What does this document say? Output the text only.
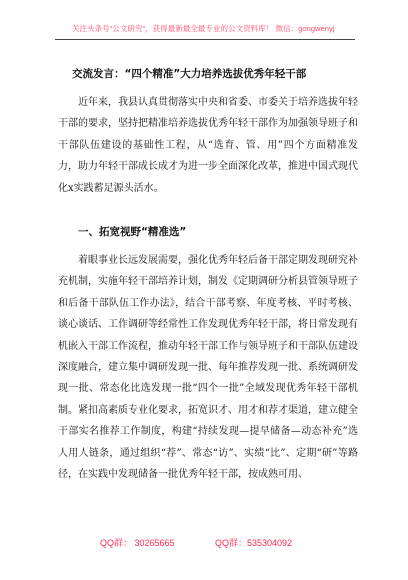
关注头条号“公文研究”，获得最新最全最专业的公文资料库！ 微信：gongwenyj
交流发言：“四个精准”大力培养选拔优秀年轻干部

近年来，我县认真贯彻落实中央和省委、市委关于培养选拔年轻干部的要求，坚持把精准培养选拔优秀年轻干部作为加强领导班子和干部队伍建设的基础性工程，从“选育、管、用”四个方面精准发力，助力年轻干部成长成才为进一步全面深化改革，推进中国式现代化x实践蓄足源头活水。

一、拓宽视野“精准选”

着眼事业长远发展需要，强化优秀年轻后备干部定期发现研究补充机制，实施年轻干部培养计划，制发《定期调研分析县管领导班子和后备干部队伍工作办法》，结合干部考察、年度考核、平时考核、谈心谈话、工作调研等经常性工作发现优秀年轻干部，将日常发现有机嵌入干部工作流程，推动年轻干部工作与领导班子和干部队伍建设深度融合，建立集中调研发现一批、每年推荐发现一批、系统调研发现一批、常态化比选发现一批“四个一批”全域发现优秀年轻干部机制。紧扣高素质专业化要求，拓宽识才、用才和荐才渠道，建立健全干部实名推荐工作制度，构建“持续发现—提早储备—动态补充”选人用人链条，通过组织“荐”、常态“访”、实绩“比”、定期“研”等路径，在实践中发现储备一批优秀年轻干部，按成熟可用、

QQ群： 30265665	QQ群：535304092
